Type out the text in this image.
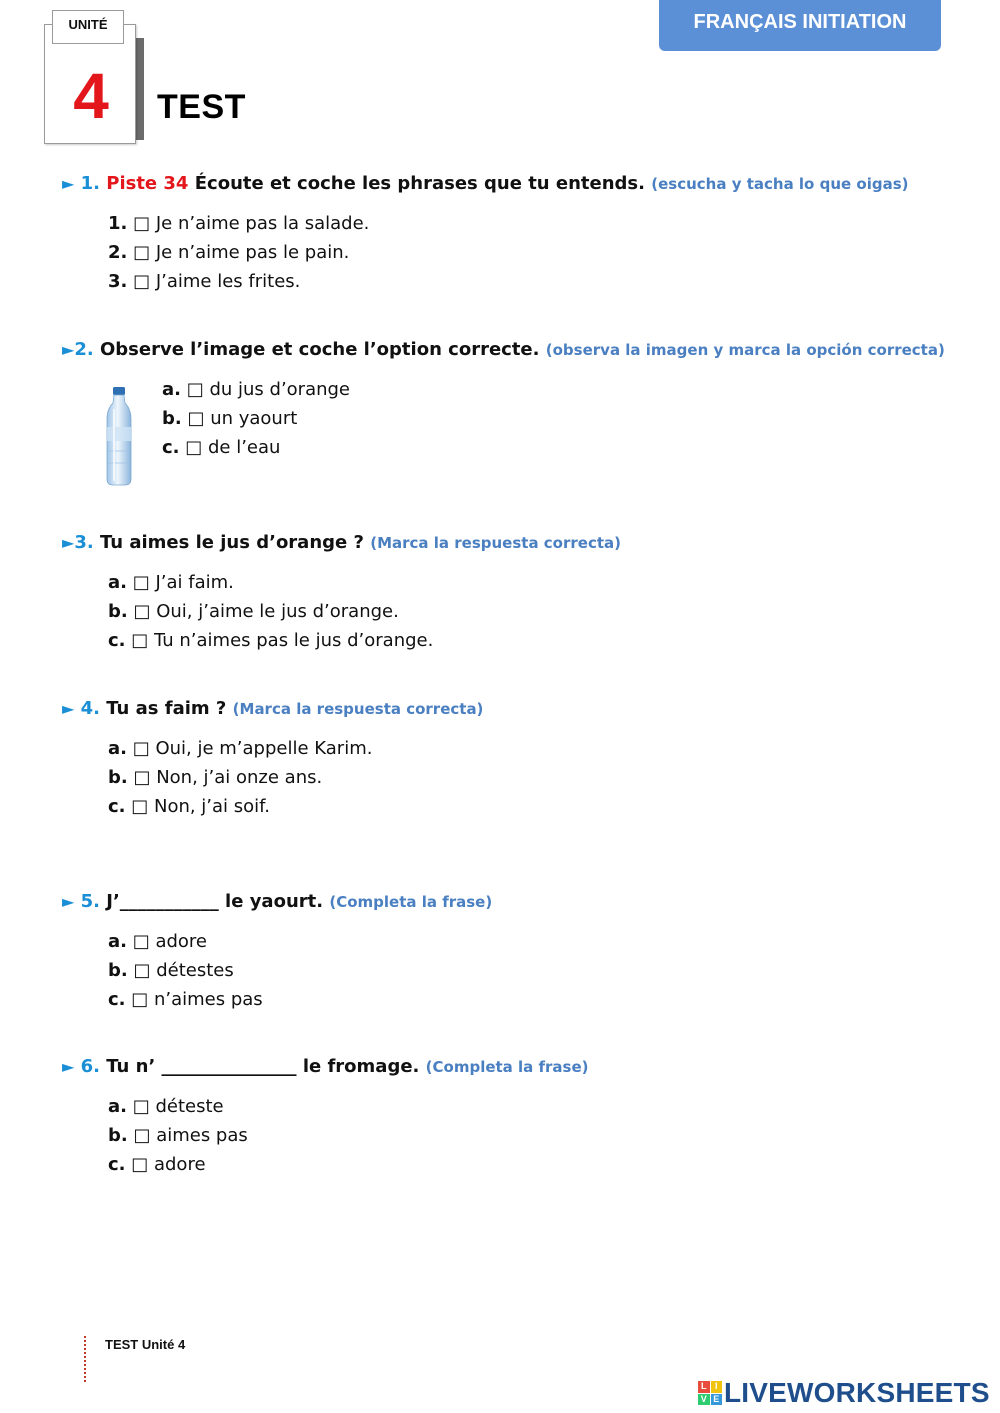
4
UNITÉ
TEST
FRANÇAIS INITIATION
► 1. Piste 34 Écoute et coche les phrases que tu entends. (escucha y tacha lo que oigas)
1. □ Je n’aime pas la salade.
2. □ Je n’aime pas le pain.
3. □ J’aime les frites.
►2. Observe l’image et coche l’option correcte. (observa la imagen y marca la opción correcta)
a. □ du jus d’orange
b. □ un yaourt
c. □ de l’eau
►3. Tu aimes le jus d’orange ? (Marca la respuesta correcta)
a. □ J’ai faim.
b. □ Oui, j’aime le jus d’orange.
c. □ Tu n’aimes pas le jus d’orange.
► 4. Tu as faim ? (Marca la respuesta correcta)
a. □ Oui, je m’appelle Karim.
b. □ Non, j’ai onze ans.
c. □ Non, j’ai soif.
► 5. J’___________ le yaourt. (Completa la frase)
a. □ adore
b. □ détestes
c. □ n’aimes pas
► 6. Tu n’ _______________ le fromage. (Completa la frase)
a. □ déteste
b. □ aimes pas
c. □ adore
TEST Unité 4
L I
V E LIVEWORKSHEETS
